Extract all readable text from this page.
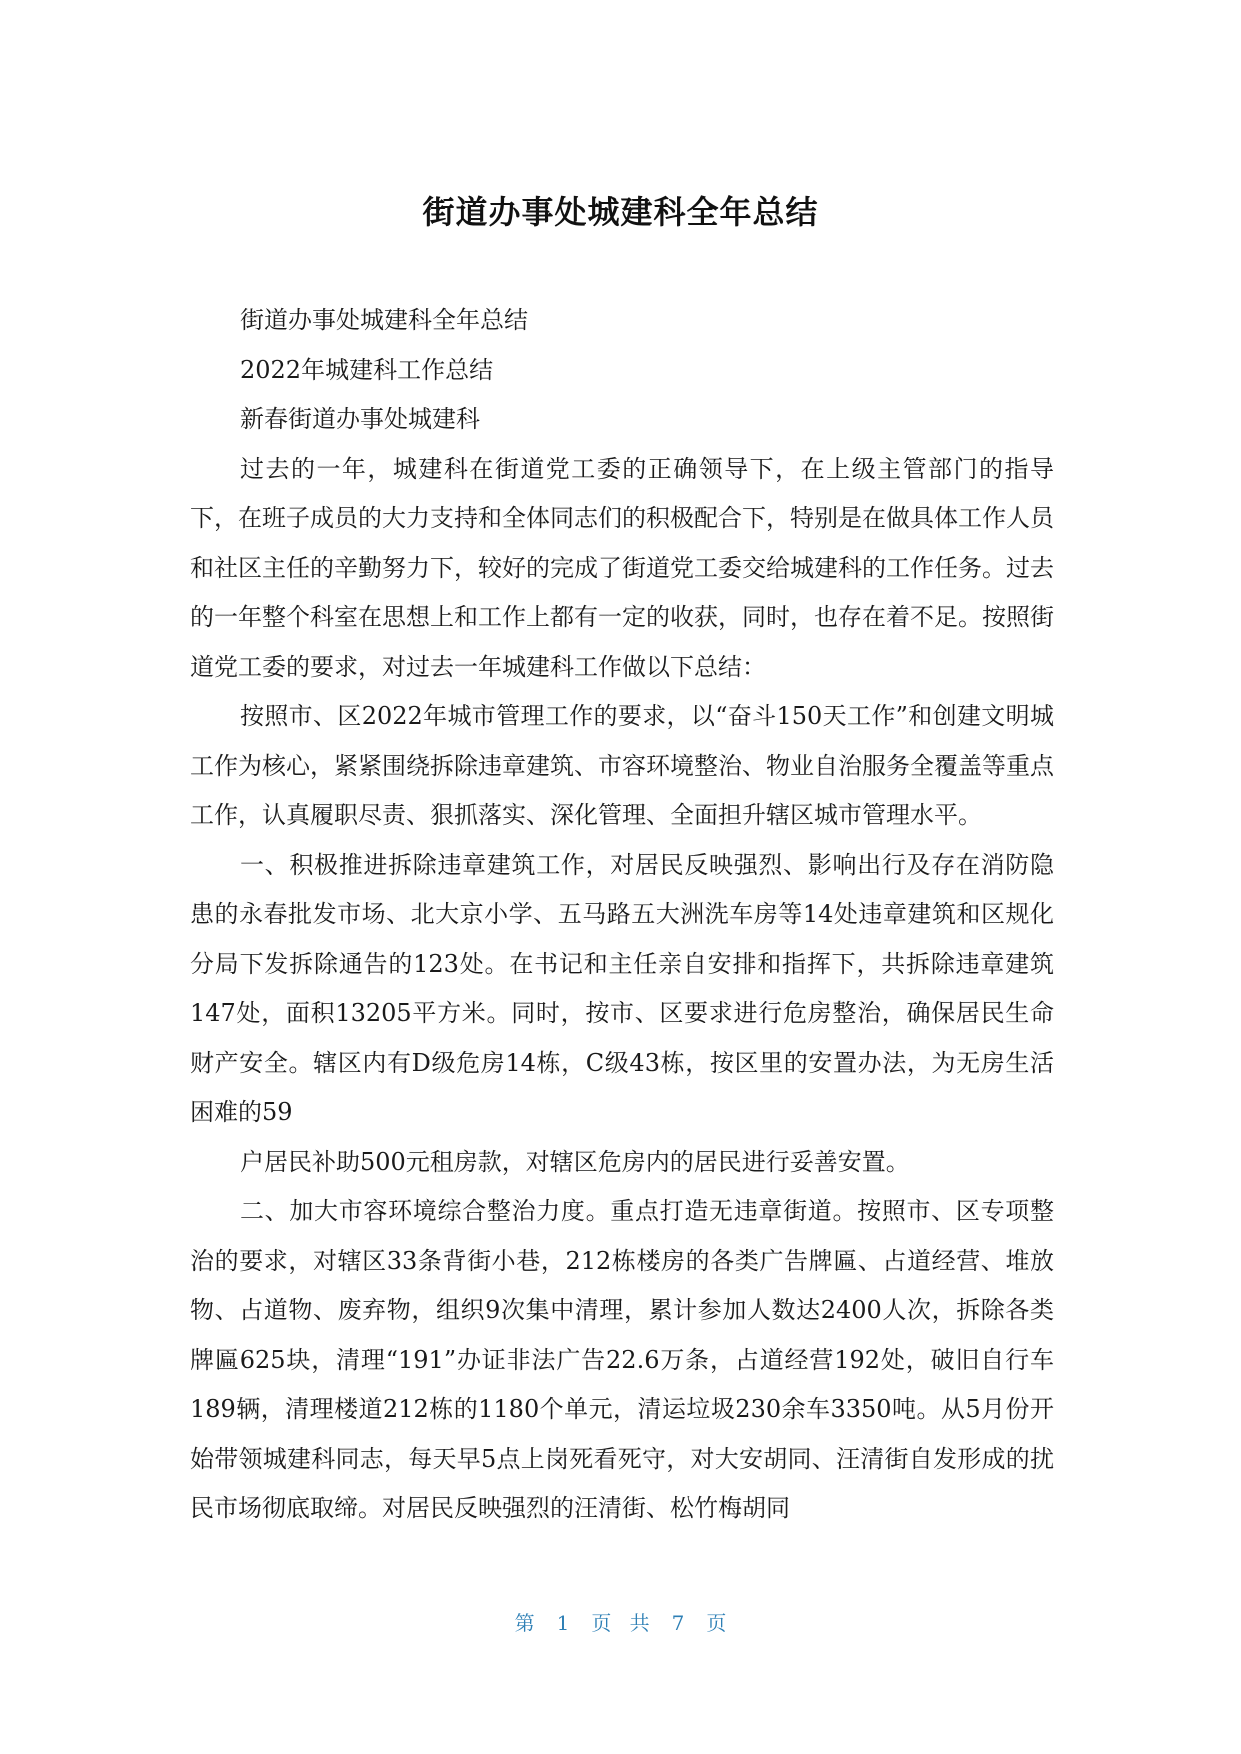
街道办事处城建科全年总结

街道办事处城建科全年总结

2022年城建科工作总结

新春街道办事处城建科

过去的一年，城建科在街道党工委的正确领导下，在上级主管部门的指导下，在班子成员的大力支持和全体同志们的积极配合下，特别是在做具体工作人员和社区主任的辛勤努力下，较好的完成了街道党工委交给城建科的工作任务。过去的一年整个科室在思想上和工作上都有一定的收获，同时，也存在着不足。按照街道党工委的要求，对过去一年城建科工作做以下总结：

按照市、区2022年城市管理工作的要求，以“奋斗150天工作”和创建文明城工作为核心，紧紧围绕拆除违章建筑、市容环境整治、物业自治服务全覆盖等重点工作，认真履职尽责、狠抓落实、深化管理、全面担升辖区城市管理水平。

一、积极推进拆除违章建筑工作，对居民反映强烈、影响出行及存在消防隐患的永春批发市场、北大京小学、五马路五大洲洗车房等14处违章建筑和区规化分局下发拆除通告的123处。在书记和主任亲自安排和指挥下，共拆除违章建筑147处，面积13205平方米。同时，按市、区要求进行危房整治，确保居民生命财产安全。辖区内有D级危房14栋，C级43栋，按区里的安置办法，为无房生活困难的59

户居民补助500元租房款，对辖区危房内的居民进行妥善安置。

二、加大市容环境综合整治力度。重点打造无违章街道。按照市、区专项整治的要求，对辖区33条背街小巷，212栋楼房的各类广告牌匾、占道经营、堆放物、占道物、废弃物，组织9次集中清理，累计参加人数达2400人次，拆除各类牌匾625块，清理“191”办证非法广告22.6万条，占道经营192处，破旧自行车189辆，清理楼道212栋的1180个单元，清运垃圾230余车3350吨。从5月份开始带领城建科同志，每天早5点上岗死看死守，对大安胡同、汪清街自发形成的扰民市场彻底取缔。对居民反映强烈的汪清街、松竹梅胡同

第 1 页 共 7 页
